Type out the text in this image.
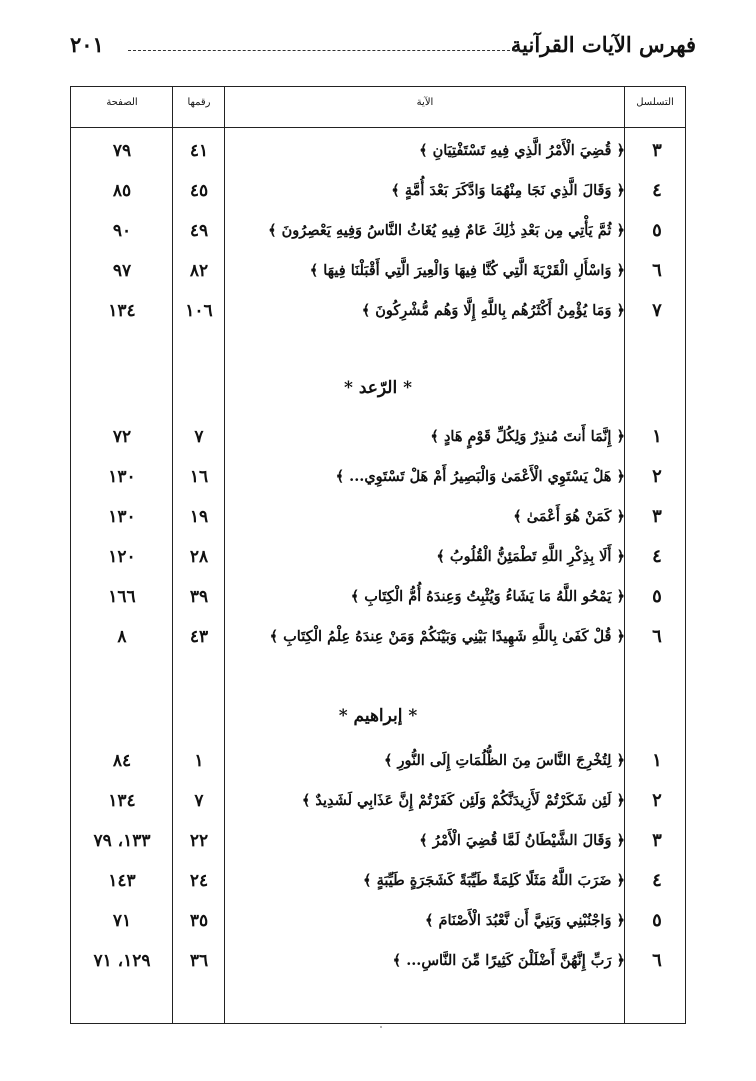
فهرس الآيات القرآنية
٢٠١
التسلسل
الآية
رقمها
الصفحة
٣
﴿ قُضِيَ الْأَمْرُ الَّذِي فِيهِ تَسْتَفْتِيَانِ ﴾
٤١
٧٩
٤
﴿ وَقَالَ الَّذِي نَجَا مِنْهُمَا وَادَّكَرَ بَعْدَ أُمَّةٍ ﴾
٤٥
٨٥
٥
﴿ ثُمَّ يَأْتِي مِن بَعْدِ ذَٰلِكَ عَامٌ فِيهِ يُغَاثُ النَّاسُ وَفِيهِ يَعْصِرُونَ ﴾
٤٩
٩٠
٦
﴿ وَاسْأَلِ الْقَرْيَةَ الَّتِي كُنَّا فِيهَا وَالْعِيرَ الَّتِي أَقْبَلْنَا فِيهَا ﴾
٨٢
٩٧
٧
﴿ وَمَا يُؤْمِنُ أَكْثَرُهُم بِاللَّهِ إِلَّا وَهُم مُّشْرِكُونَ ﴾
١٠٦
١٣٤
* الرّعد *
١
﴿ إِنَّمَا أَنتَ مُنذِرٌ وَلِكُلِّ قَوْمٍ هَادٍ ﴾
٧
٧٢
٢
﴿ هَلْ يَسْتَوِي الْأَعْمَىٰ وَالْبَصِيرُ أَمْ هَلْ تَسْتَوِي... ﴾
١٦
١٣٠
٣
﴿ كَمَنْ هُوَ أَعْمَىٰ ﴾
١٩
١٣٠
٤
﴿ أَلَا بِذِكْرِ اللَّهِ تَطْمَئِنُّ الْقُلُوبُ ﴾
٢٨
١٢٠
٥
﴿ يَمْحُو اللَّهُ مَا يَشَاءُ وَيُثْبِتُ وَعِندَهُ أُمُّ الْكِتَابِ ﴾
٣٩
١٦٦
٦
﴿ قُلْ كَفَىٰ بِاللَّهِ شَهِيدًا بَيْنِي وَبَيْنَكُمْ وَمَنْ عِندَهُ عِلْمُ الْكِتَابِ ﴾
٤٣
٨
* إبراهيم *
١
﴿ لِتُخْرِجَ النَّاسَ مِنَ الظُّلُمَاتِ إِلَى النُّورِ ﴾
١
٨٤
٢
﴿ لَئِن شَكَرْتُمْ لَأَزِيدَنَّكُمْ وَلَئِن كَفَرْتُمْ إِنَّ عَذَابِي لَشَدِيدٌ ﴾
٧
١٣٤
٣
﴿ وَقَالَ الشَّيْطَانُ لَمَّا قُضِيَ الْأَمْرُ ﴾
٢٢
١٣٣، ٧٩
٤
﴿ ضَرَبَ اللَّهُ مَثَلًا كَلِمَةً طَيِّبَةً كَشَجَرَةٍ طَيِّبَةٍ ﴾
٢٤
١٤٣
٥
﴿ وَاجْنُبْنِي وَبَنِيَّ أَن نَّعْبُدَ الْأَصْنَامَ ﴾
٣٥
٧١
٦
﴿ رَبِّ إِنَّهُنَّ أَضْلَلْنَ كَثِيرًا مِّنَ النَّاسِ... ﴾
٣٦
١٢٩، ٧١
